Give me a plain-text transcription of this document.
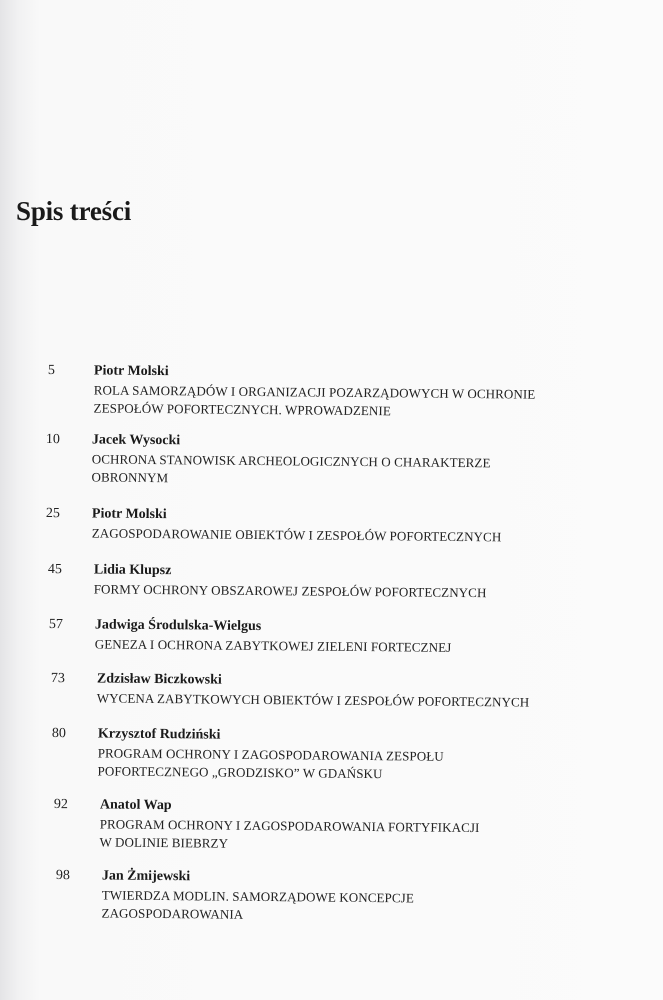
Spis treści
5	Piotr Molski
ROLA SAMORZĄDÓW I ORGANIZACJI POZARZĄDOWYCH W OCHRONIE
ZESPOŁÓW POFORTECZNYCH. WPROWADZENIE
10	Jacek Wysocki
OCHRONA STANOWISK ARCHEOLOGICZNYCH O CHARAKTERZE
OBRONNYM
25	Piotr Molski
ZAGOSPODAROWANIE OBIEKTÓW I ZESPOŁÓW POFORTECZNYCH
45	Lidia Klupsz
FORMY OCHRONY OBSZAROWEJ ZESPOŁÓW POFORTECZNYCH
57	Jadwiga Środulska-Wielgus
GENEZA I OCHRONA ZABYTKOWEJ ZIELENI FORTECZNEJ
73	Zdzisław Biczkowski
WYCENA ZABYTKOWYCH OBIEKTÓW I ZESPOŁÓW POFORTECZNYCH
80	Krzysztof Rudziński
PROGRAM OCHRONY I ZAGOSPODAROWANIA ZESPOŁU
POFORTECZNEGO „GRODZISKO” W GDAŃSKU
92	Anatol Wap
PROGRAM OCHRONY I ZAGOSPODAROWANIA FORTYFIKACJI
W DOLINIE BIEBRZY
98	Jan Żmijewski
TWIERDZA MODLIN. SAMORZĄDOWE KONCEPCJE
ZAGOSPODAROWANIA
